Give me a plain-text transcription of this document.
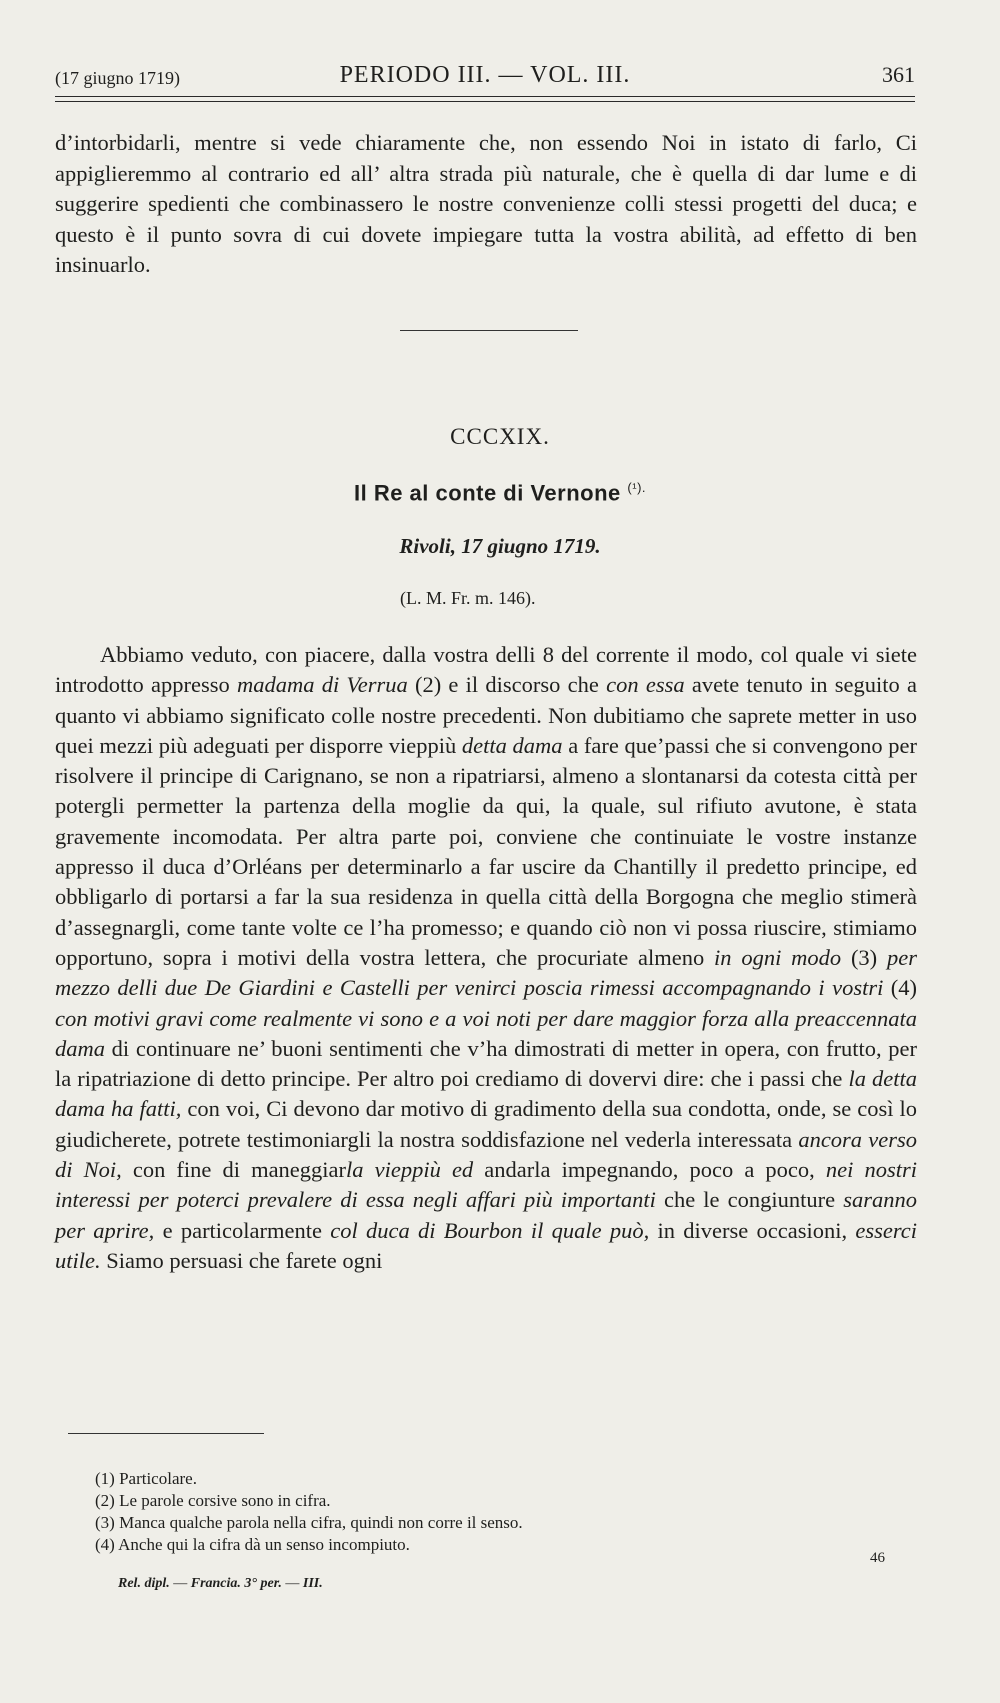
(17 giugno 1719)	PERIODO III. — VOL. III.	361

d’intorbidarli, mentre si vede chiaramente che, non essendo Noi in istato di farlo, Ci appiglieremmo al contrario ed all’ altra strada più naturale, che è quella di dar lume e di suggerire spedienti che combinassero le nostre convenienze colli stessi progetti del duca; e questo è il punto sovra di cui dovete impiegare tutta la vostra abilità, ad effetto di ben insinuarlo.

CCCXIX.
Il Re al conte di Vernone $^{(^1).}$
Rivoli, 17 giugno 1719.
(L. M. Fr. m. 146).

Abbiamo veduto, con piacere, dalla vostra delli 8 del corrente il modo, col quale vi siete introdotto appresso madama di Verrua (2) e il discorso che con essa avete tenuto in seguito a quanto vi abbiamo significato colle nostre precedenti. Non dubitiamo che saprete metter in uso quei mezzi più adeguati per disporre vieppiù detta dama a fare que’passi che si convengono per risolvere il principe di Carignano, se non a ripatriarsi, almeno a slontanarsi da cotesta città per potergli permetter la partenza della moglie da qui, la quale, sul rifiuto avutone, è stata gravemente incomodata. Per altra parte poi, conviene che continuiate le vostre instanze appresso il duca d’Orléans per determinarlo a far uscire da Chantilly il predetto principe, ed obbligarlo di portarsi a far la sua residenza in quella città della Borgogna che meglio stimerà d’assegnargli, come tante volte ce l’ha promesso; e quando ciò non vi possa riuscire, stimiamo opportuno, sopra i motivi della vostra lettera, che procuriate almeno in ogni modo (3) per mezzo delli due De Giardini e Castelli per venirci poscia rimessi accompagnando i vostri (4) con motivi gravi come realmente vi sono e a voi noti per dare maggior forza alla preaccennata dama di continuare ne’ buoni sentimenti che v’ha dimostrati di metter in opera, con frutto, per la ripatriazione di detto principe. Per altro poi crediamo di dovervi dire: che i passi che la detta dama ha fatti, con voi, Ci devono dar motivo di gradimento della sua condotta, onde, se così lo giudicherete, potrete testimoniargli la nostra soddisfazione nel vederla interessata ancora verso di Noi, con fine di maneggiarla vieppiù ed andarla impegnando, poco a poco, nei nostri interessi per poterci prevalere di essa negli affari più importanti che le congiunture saranno per aprire, e particolarmente col duca di Bourbon il quale può, in diverse occasioni, esserci utile. Siamo persuasi che farete ogni

(1) Particolare.
(2) Le parole corsive sono in cifra.
(3) Manca qualche parola nella cifra, quindi non corre il senso.
(4) Anche qui la cifra dà un senso incompiuto.
46
Rel. dipl. — Francia. 3° per. — III.
